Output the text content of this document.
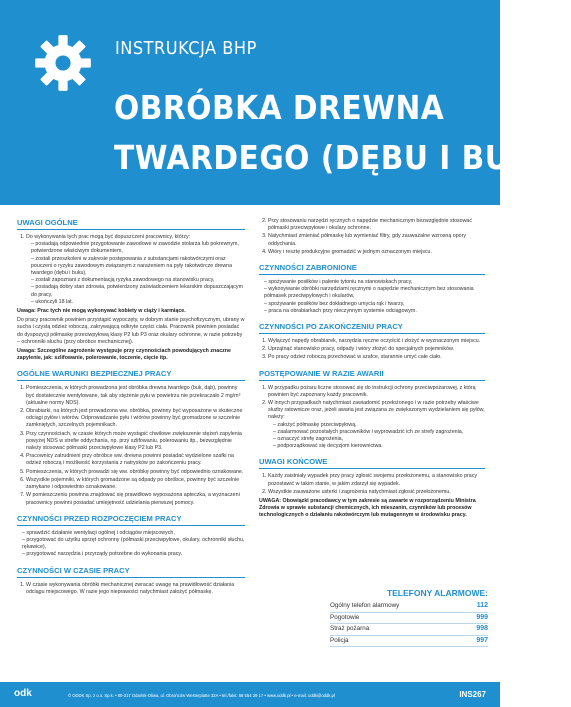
INSTRUKCJA BHP
OBRÓBKA DREWNA
TWARDEGO (DĘBU I BUKU)
UWAGI OGÓLNE
1. Do wykonywania tych prac mogą być dopuszczeni pracownicy, którzy:
– posiadają odpowiednie przygotowanie zawodowe w zawodzie stolarza lub pokrewnym, potwierdzone właściwym dokumentem,
– zostali przeszkoleni w zakresie postępowania z substancjami rakotwórczymi oraz pouczeni o ryzyku zawodowym związanym z narażeniem na pyły rakotwórcze drewna twardego (dębu i buku),
– zostali zapoznani z dokumentacją ryzyka zawodowego na stanowisku pracy,
– posiadają dobry stan zdrowia, potwierdzony zaświadczeniem lekarskim dopuszczającym do pracy,
– ukończyli 18 lat.

Uwaga: Prac tych nie mogą wykonywać kobiety w ciąży i karmiące.

Do pracy pracownik powinien przystąpić wypoczęty, w dobrym stanie psychofizycznym, ubrany w sucha i czystą odzież roboczą, zakrywającą odkryte części ciała. Pracownik powinien posiadać do dyspozycji półmaskę przeciwpyłową klasy P2 lub P3 oraz okulary ochronne, w razie potrzeby – ochronniki słuchu (przy obróbce mechanicznej).

Uwaga: Szczególne zagrożenie występuje przy czynnościach powodujących znaczne zapylenie, jak: szlifowanie, polerowanie, toczenie, cięcie itp.

OGÓLNE WARUNKI BEZPIECZNEJ PRACY
1. Pomieszczenia, w których prowadzona jest obróbka drewna twardego (buk, dąb), powinny być dostatecznie wentylowane, tak aby stężenie pyłu w powietrzu nie przekraczało 2 mg/m³ (aktualne normy NDS).
2. Obrabiarki, na których jest prowadzona ww. obróbka, powinny być wyposażone w skuteczne odciągi pyłów i wiórów. Odprowadzanie pyłu i wiórów powinny być gromadzone w szczelnie zamkniętych, szczelnych pojemnikach.
3. Przy czynnościach, w czasie których może wystąpić chwilowe zwiększenie stężeń zapylenia powyżej NDS w strefie oddychania, np. przy szlifowaniu, polerowaniu itp., bezwzględnie należy stosować półmaski przeciwpyłowe klasy P2 lub P3.
4. Pracownicy zatrudnieni przy obróbce ww. drewna powinni posiadać wydzielone szafki na odzież roboczą i możliwość korzystania z natrysków po zakończeniu pracy.
5. Pomieszczenia, w których prowadzi się ww. obróbkę powinny być odpowiednio oznakowane.
6. Wszystkie pojemniki, w których gromadzone są odpady po obróbce, powinny być szczelnie zamykane i odpowiednio oznakowane.
7. W pomieszczeniu powinna znajdować się prawidłowo wyposażona apteczka, a wyznaczeni pracownicy powinni posiadać umiejętność udzielania pierwszej pomocy.
CZYNNOŚCI PRZED ROZPOCZĘCIEM PRACY
– sprawdzić działanie wentylacji ogólnej i odciągów miejscowych,
– przygotować do użytku sprzęt ochronny (półmaski przeciwpyłowe, okulary, ochronniki słuchu, rękawice),
– przygotować narzędzia i przyrządy potrzebne do wykonania pracy.
CZYNNOŚCI W CZASIE PRACY
1. W czasie wykonywania obróbki mechanicznej zwracać uwagę na prawidłowość działania odciągu miejscowego. W razie jego nieprawości natychmiast założyć półmaskę.
2. Przy stosowaniu narzędzi ręcznych o napędzie mechanicznym bezwzględnie stosować półmaski przeciwpyłowe i okulary ochronne.
3. Natychmiast zmieniać półmaskę lub wymieniać filtry, gdy zauważalne wzrosną opory oddychania.
4. Wióry i resztę produkcyjne gromadzić w jednym oznaczonym miejscu.
CZYNNOŚCI ZABRONIONE
– spożywanie posiłków i palenie tytoniu na stanowiskach pracy,
– wykonywanie obróbki narzędziami ręcznymi o napędzie mechanicznym bez stosowania półmasek przeciwpyłowych i okularów,
– spożywanie posiłków bez dokładnego umycia rąk i twarzy,
– praca na obrabiarkach przy nieczynnym systemie odciągowym.
CZYNNOŚCI PO ZAKOŃCZENIU PRACY
1. Wyłączyć napędy obrabiarek, narzędzia ręczne oczyścić i złożyć w wyznaczonym miejscu.
2. Uprzątnąć stanowisko pracy, odpady i wióry złożyć do specjalnych pojemników.
3. Po pracy odzież roboczą przechować w szafce, starannie umyć całe ciało.
POSTĘPOWANIE W RAZIE AWARII
1. W przypadku pożaru liczne stosować się do instrukcji ochrony przeciwpożarowej, z którą powinien być zapoznany każdy pracownik.
2. W innych przypadkach natychmiast zawiadomić przełożonego i w razie potrzeby właściwe służby ratownicze oraz, jeżeli awaria jest związana ze zwiększonym wydzielaniem się pyłów, należy:
– założyć półmaskę przeciwpyłową,
– zaalarmować pozostałych pracowników i wyprowadzić ich ze strefy zagrożenia,
– oznaczyć strefę zagrożenia,
– podporządkować się decyzjom kierownictwa.
UWAGI KOŃCOWE
1. Każdy zaistniały wypadek przy pracy zgłosić swojemu przełożonemu, a stanowisko pracy pozostawić w takim stanie, w jakim zdarzył się wypadek.
2. Wszystkie zauważone usterki i zagrożenia natychmiast zgłosić przełożonemu.

UWAGA: Obowiązki pracodawcy w tym zakresie są zawarte w rozporządzeniu Ministra Zdrowia w sprawie substancji chemicznych, ich mieszanin, czynników lub procesów technologicznych o działaniu rakotwórczym lub mutagennym w środowisku pracy.

TELEFONY ALARMOWE:
Ogólny telefon alarmowy	112
Pogotowie	999
Straż pożarna	998
Policja	997
odk	© ODDK Sp. z o.o. Sp.k. • 80-317 Gdańsk-Oliwa, ul. Obrońców Westerplatte 32A • tel./faks: 58 554 29 17 • www.oddk.pl • e-mail: oddk@oddk.pl	INS267
